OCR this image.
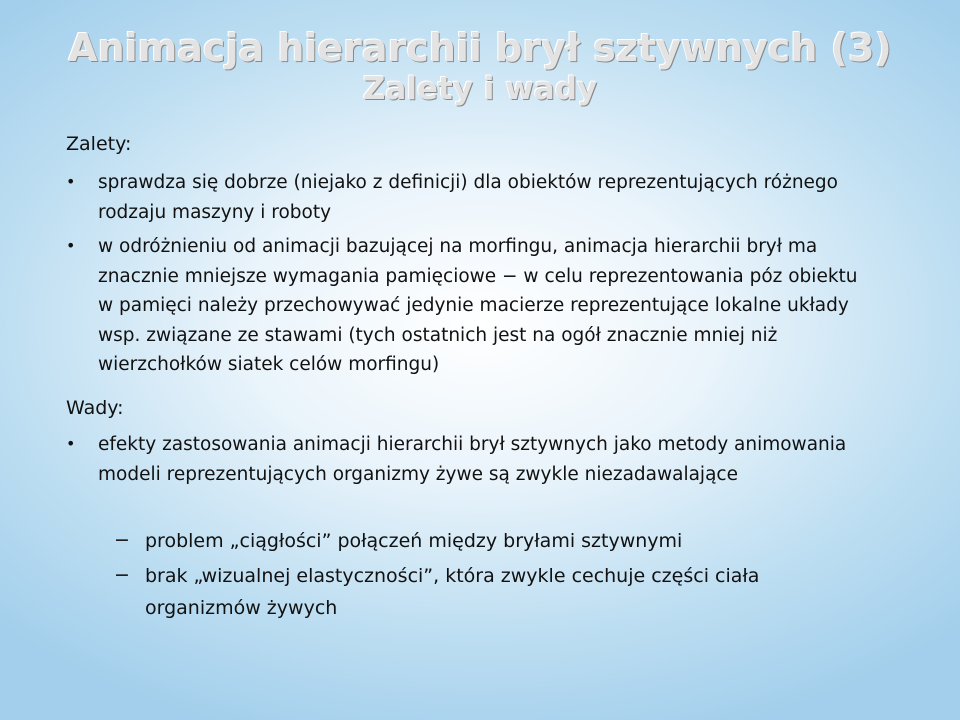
Animacja hierarchii brył sztywnych (3)
Zalety i wady
Zalety:
• sprawdza się dobrze (niejako z definicji) dla obiektów reprezentujących różnego rodzaju maszyny i roboty
• w odróżnieniu od animacji bazującej na morfingu, animacja hierarchii brył ma znacznie mniejsze wymagania pamięciowe − w celu reprezentowania póz obiektu w pamięci należy przechowywać jedynie macierze reprezentujące lokalne układy wsp. związane ze stawami (tych ostatnich jest na ogół znacznie mniej niż wierzchołków siatek celów morfingu)
Wady:
• efekty zastosowania animacji hierarchii brył sztywnych jako metody animowania modeli reprezentujących organizmy żywe są zwykle niezadawalające
− problem „ciągłości” połączeń między bryłami sztywnymi
− brak „wizualnej elastyczności”, która zwykle cechuje części ciała organizmów żywych
